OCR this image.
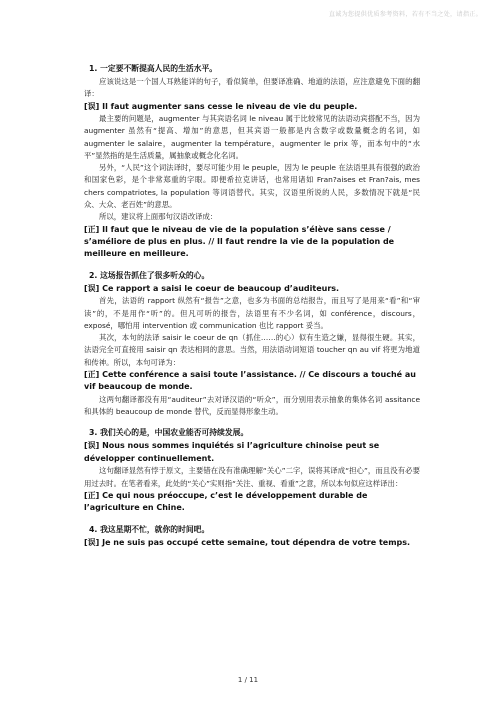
直诚为您提供优质参考资料，若有不当之处，请指正。
1. 一定要不断提高人民的生活水平。

应该说这是一个国人耳熟能详的句子，看似简单，但要译准确、地道的法语，应注意避免下面的翻译：

[误] Il faut augmenter sans cesse le niveau de vie du peuple.

最主要的问题是，augmenter 与其宾语名词 le niveau 属于比较常见的法语动宾搭配不当，因为 augmenter 虽然有“提高、增加”的意思，但其宾语一般都是内含数字或数量概念的名词，如 augmenter le salaire，augmenter la température，augmenter le prix 等，而本句中的“水平”显然指的是生活质量，属抽象或概念化名词。

另外，“人民”这个词法译时，要尽可能少用 le peuple，因为 le peuple 在法语里具有很强的政治和国家色彩，是个非常郑重的字眼。即便希拉克讲话，也常用诸如 Fran?aises et Fran?ais, mes chers compatriotes, la population 等词语替代。其实，汉语里所说的人民，多数情况下就是“民众、大众、老百姓”的意思。

所以，建议将上面那句汉语改译成：

[正] Il faut que le niveau de vie de la population s’élève sans cesse / s’améliore de plus en plus. // Il faut rendre la vie de la population de meilleure en meilleure.

2. 这场报告抓住了很多听众的心。

[误] Ce rapport a saisi le coeur de beaucoup d’auditeurs.

首先，法语的 rapport 纵然有“报告”之意，也多为书面的总结报告，而且写了是用来“看”和“审读”的，不是用作“听”的。但凡可听的报告，法语里有不少名词，如 conférence，discours，exposé，哪怕用 intervention 或 communication 也比 rapport 妥当。

其次，本句的法译 saisir le coeur de qn（抓住……的心）似有生造之嫌，显得很生硬。其实，法语完全可直接用 saisir qn 表达相同的意思。当然，用法语动词短语 toucher qn au vif 将更为地道和传神。所以，本句可译为：

[正] Cette conférence a saisi toute l’assistance. // Ce discours a touché au vif beaucoup de monde.

这两句翻译都没有用“auditeur”去对译汉语的“听众”，而分别用表示抽象的集体名词 assitance 和具体的 beaucoup de monde 替代，反而显得形象生动。

3. 我们关心的是，中国农业能否可持续发展。

[误] Nous nous sommes inquiétés si l’agriculture chinoise peut se développer continuellement.

这句翻译显然有悖于原文，主要错在没有准确理解“关心”二字，误将其译成“担心”，而且没有必要用过去时。在笔者看来，此处的“关心”实则指“关注、重视、看重”之意，所以本句似应这样译出：

[正] Ce qui nous préoccupe, c’est le développement durable de l’agriculture en Chine.

4. 我这星期不忙，就你的时间吧。

[误] Je ne suis pas occupé cette semaine, tout dépendra de votre temps.

1 / 11
